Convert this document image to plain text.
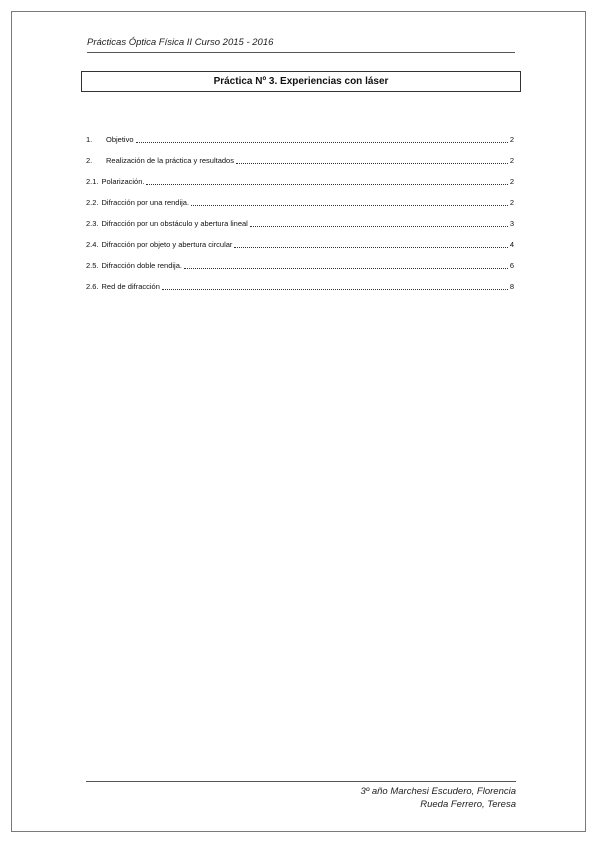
Prácticas Óptica Física II Curso 2015 - 2016
Práctica Nº 3. Experiencias con láser
1.	Objetivo	2
2.	Realización de la práctica y resultados	2
2.1. Polarización.	2
2.2. Difracción por una rendija.	2
2.3. Difracción por un obstáculo y abertura lineal	3
2.4. Difracción por objeto y abertura circular	4
2.5. Difracción doble rendija.	6
2.6. Red de difracción	8
3º año Marchesi Escudero, Florencia
Rueda Ferrero, Teresa
